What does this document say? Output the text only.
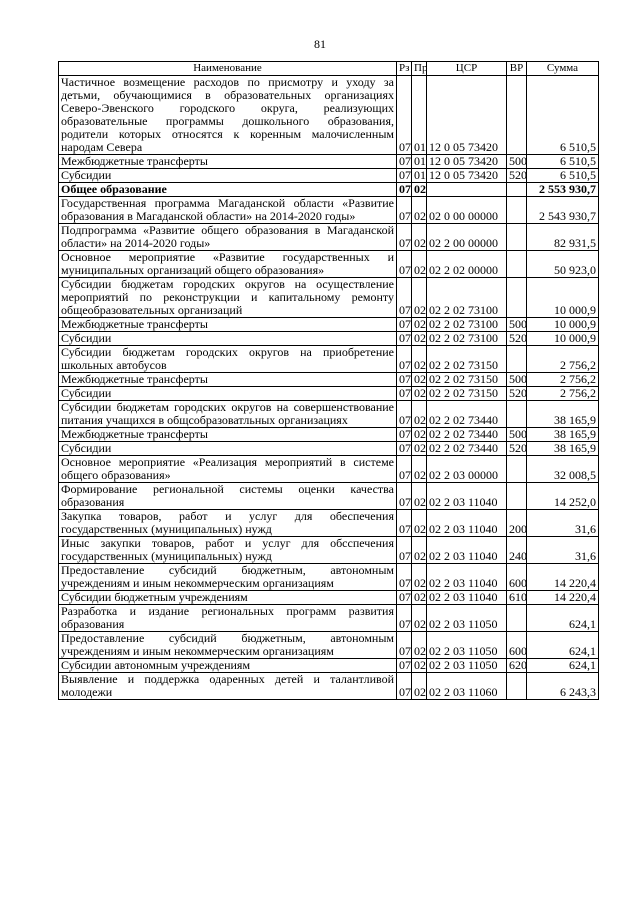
81
Наименование	Рз	Пр	ЦСР	ВР	Сумма
Частичное возмещение расходов по присмотру и уходу за детьми, обучающимися в образовательных организациях Северо-Эвенского городского округа, реализующих образовательные программы дошкольного образования, родители которых относятся к коренным малочисленным народам Севера	07	01	12 0 05 73420		6 510,5
Межбюджетные трансферты	07	01	12 0 05 73420	500	6 510,5
Субсидии	07	01	12 0 05 73420	520	6 510,5
Общее образование	07	02			2 553 930,7
Государственная программа Магаданской области «Развитие образования в Магаданской области» на 2014-2020 годы»	07	02	02 0 00 00000		2 543 930,7
Подпрограмма «Развитие общего образования в Магаданской области» на 2014-2020 годы»	07	02	02 2 00 00000		82 931,5
Основное мероприятие «Развитие государственных и муниципальных организаций общего образования»	07	02	02 2 02 00000		50 923,0
Субсидии бюджетам городских округов на осуществление мероприятий по реконструкции и капитальному ремонту общеобразовательных организаций	07	02	02 2 02 73100		10 000,9
Межбюджетные трансферты	07	02	02 2 02 73100	500	10 000,9
Субсидии	07	02	02 2 02 73100	520	10 000,9
Субсидии бюджетам городских округов на приобретение школьных автобусов	07	02	02 2 02 73150		2 756,2
Межбюджетные трансферты	07	02	02 2 02 73150	500	2 756,2
Субсидии	07	02	02 2 02 73150	520	2 756,2
Субсидии бюджетам городских округов на совершенствование питания учащихся в общсобразоватльных организациях	07	02	02 2 02 73440		38 165,9
Межбюджетные трансферты	07	02	02 2 02 73440	500	38 165,9
Субсидии	07	02	02 2 02 73440	520	38 165,9
Основное мероприятие «Реализация мероприятий в системе общего образования»	07	02	02 2 03 00000		32 008,5
Формирование региональной системы оценки качества образования	07	02	02 2 03 11040		14 252,0
Закупка товаров, работ и услуг для обеспечения государственных (муниципальных) нужд	07	02	02 2 03 11040	200	31,6
Иныс закупки товаров, работ и услуг для обсспечения государственных (муниципальных) нужд	07	02	02 2 03 11040	240	31,6
Предоставление субсидий бюджетным, автономным учреждениям и иным некоммерческим организациям	07	02	02 2 03 11040	600	14 220,4
Субсидии бюджетным учреждениям	07	02	02 2 03 11040	610	14 220,4
Разработка и издание региональных программ развития образования	07	02	02 2 03 11050		624,1
Предоставление субсидий бюджетным, автономным учреждениям и иным некоммерческим организациям	07	02	02 2 03 11050	600	624,1
Субсидии автономным учреждениям	07	02	02 2 03 11050	620	624,1
Выявление и поддержка одаренных детей и талантливой молодежи	07	02	02 2 03 11060		6 243,3
